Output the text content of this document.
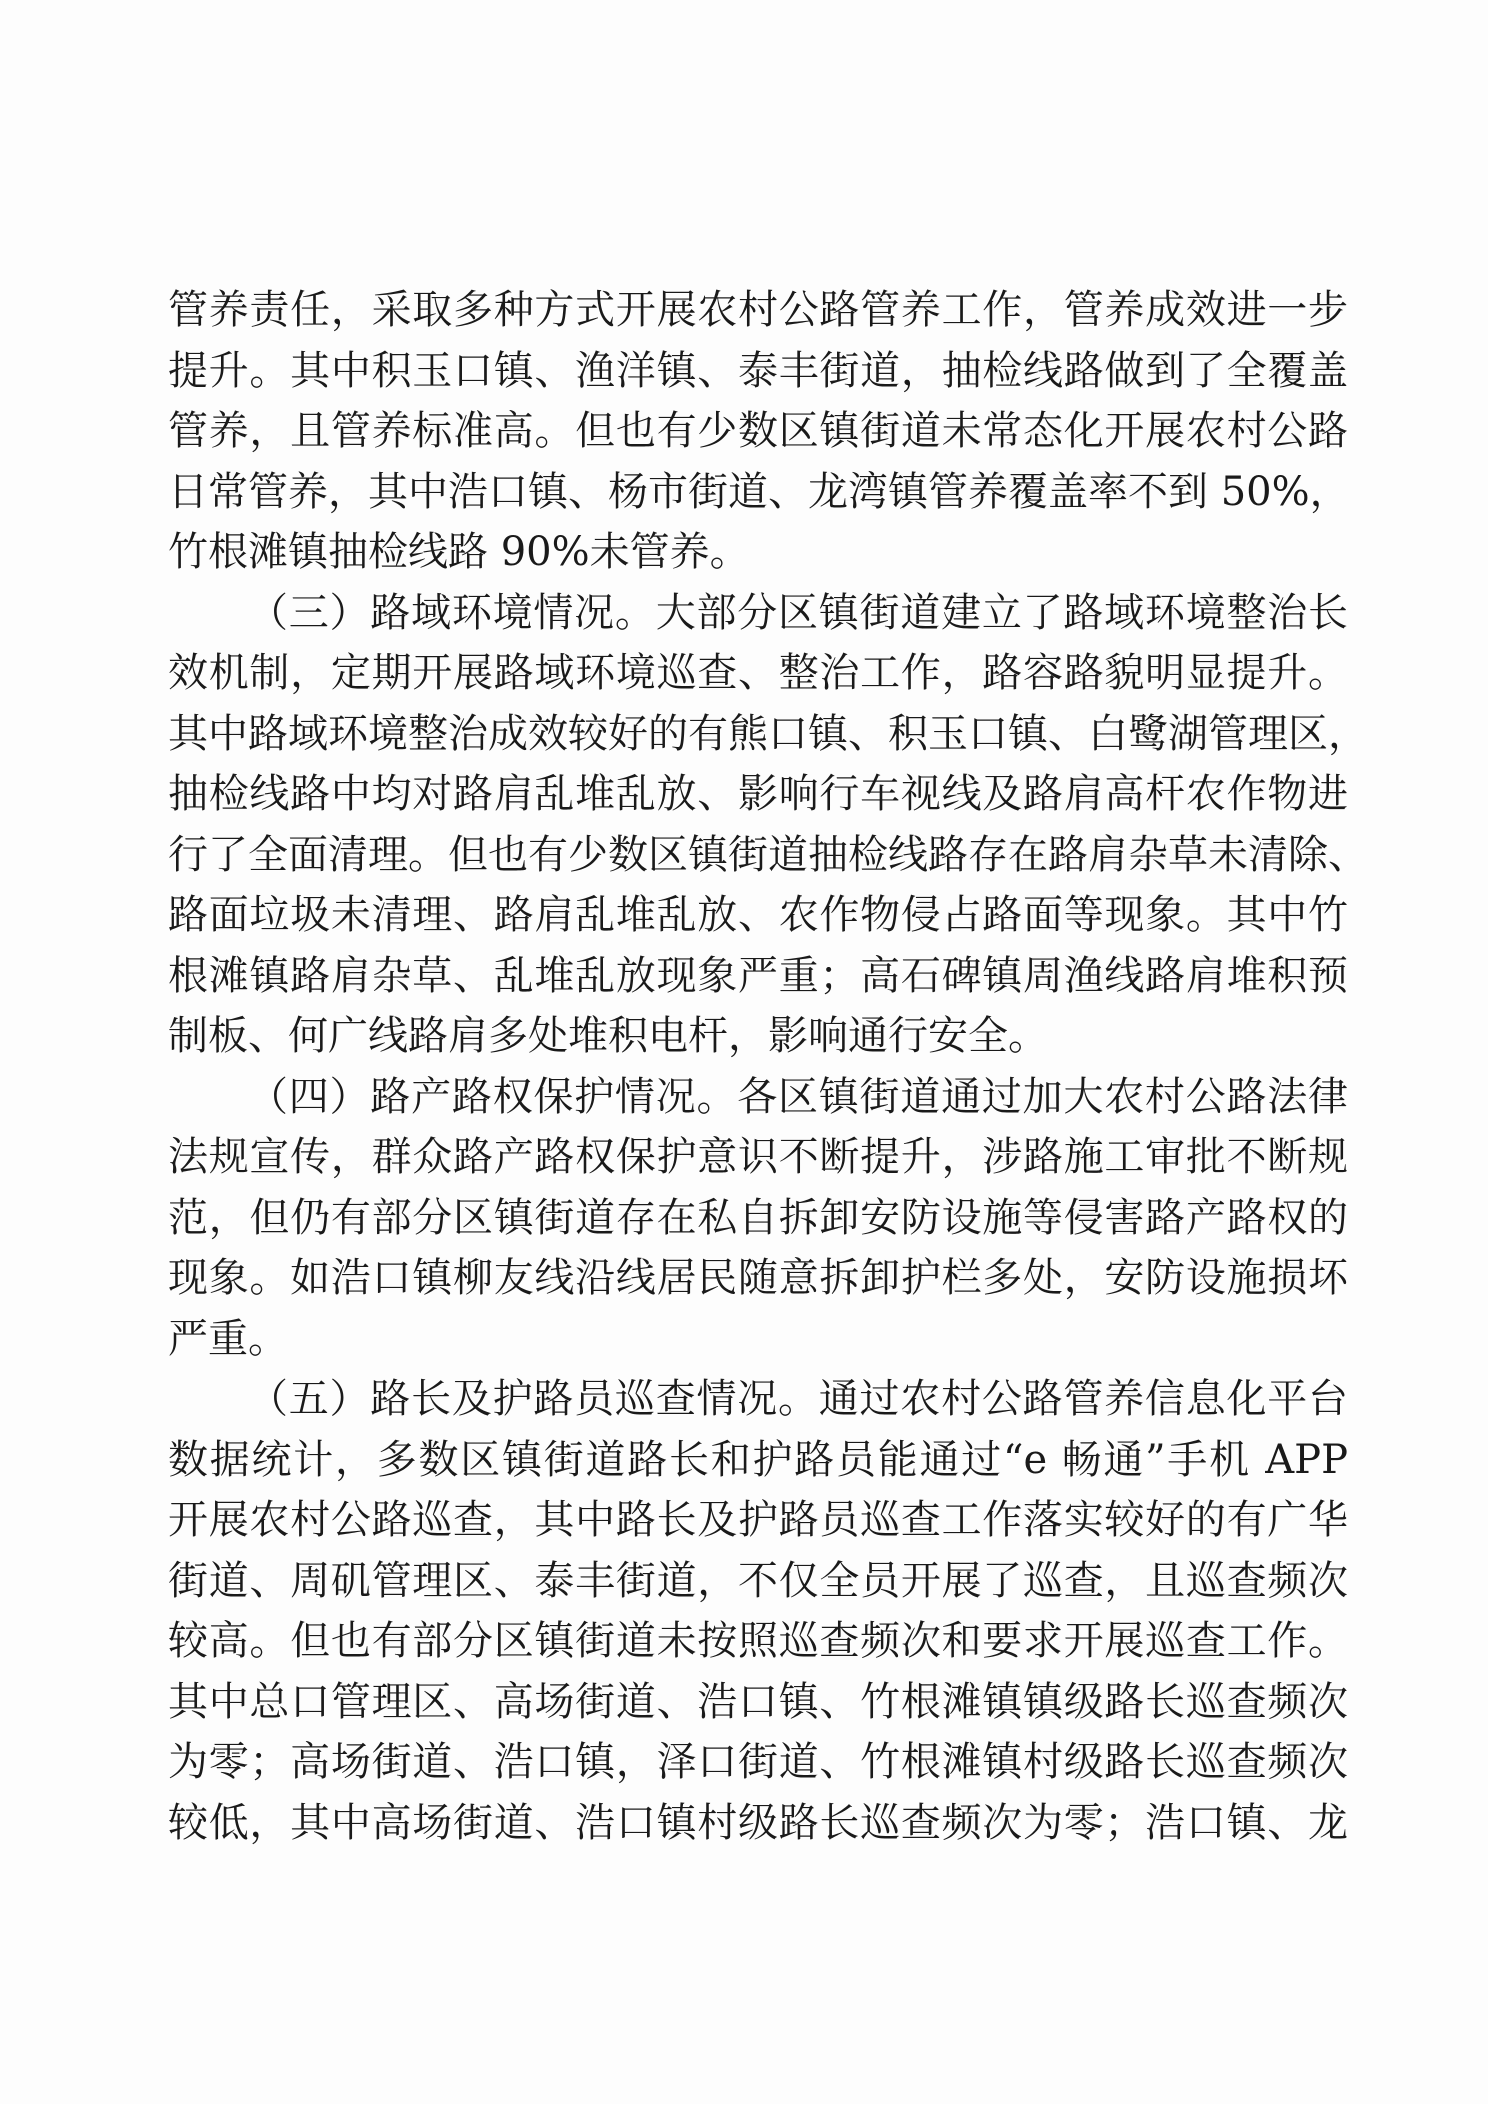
管养责任，采取多种方式开展农村公路管养工作，管养成效进一步
提升。其中积玉口镇、渔洋镇、泰丰街道，抽检线路做到了全覆盖
管养，且管养标准高。但也有少数区镇街道未常态化开展农村公路
日常管养，其中浩口镇、杨市街道、龙湾镇管养覆盖率不到 50%，
竹根滩镇抽检线路 90%未管养。
（三）路域环境情况。大部分区镇街道建立了路域环境整治长
效机制，定期开展路域环境巡查、整治工作，路容路貌明显提升。
其中路域环境整治成效较好的有熊口镇、积玉口镇、白鹭湖管理区，
抽检线路中均对路肩乱堆乱放、影响行车视线及路肩高杆农作物进
行了全面清理。但也有少数区镇街道抽检线路存在路肩杂草未清除、
路面垃圾未清理、路肩乱堆乱放、农作物侵占路面等现象。其中竹
根滩镇路肩杂草、乱堆乱放现象严重；高石碑镇周渔线路肩堆积预
制板、何广线路肩多处堆积电杆，影响通行安全。
（四）路产路权保护情况。各区镇街道通过加大农村公路法律
法规宣传，群众路产路权保护意识不断提升，涉路施工审批不断规
范，但仍有部分区镇街道存在私自拆卸安防设施等侵害路产路权的
现象。如浩口镇柳友线沿线居民随意拆卸护栏多处，安防设施损坏
严重。
（五）路长及护路员巡查情况。通过农村公路管养信息化平台
数据统计，多数区镇街道路长和护路员能通过“e 畅通”手机 APP
开展农村公路巡查，其中路长及护路员巡查工作落实较好的有广华
街道、周矶管理区、泰丰街道，不仅全员开展了巡查，且巡查频次
较高。但也有部分区镇街道未按照巡查频次和要求开展巡查工作。
其中总口管理区、高场街道、浩口镇、竹根滩镇镇级路长巡查频次
为零；高场街道、浩口镇，泽口街道、竹根滩镇村级路长巡查频次
较低，其中高场街道、浩口镇村级路长巡查频次为零；浩口镇、龙
